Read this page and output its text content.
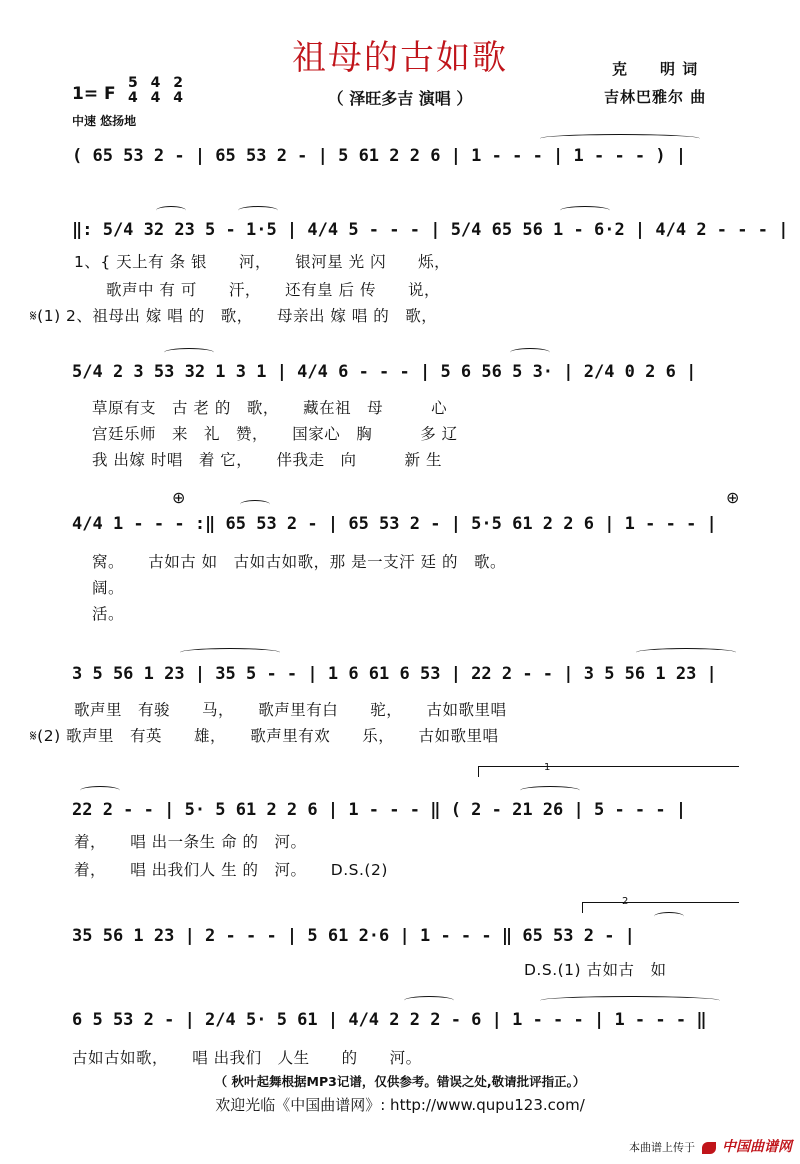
祖母的古如歌
（ 泽旺多吉 演唱 ）
克　　明 词
吉林巴雅尔 曲
1= F
5
4 4
4 2
4
中速 悠扬地
( 65 53 2 - | 65 53 2 - | 5 61 2 2 6 | 1 - - - | 1 - - - ) |
‖: 5/4 32 23 5 - 1·5 | 4/4 5 - - - | 5/4 65 56 1 - 6·2 | 4/4 2 - - - |
1、{ 天上有 条 银　　河，　　银河星 光 闪　　烁，
　　歌声中 有 可　　汗，　　还有皇 后 传　　说，
𝄋(1) 2、祖母出 嫁 唱 的　歌，　　母亲出 嫁 唱 的　歌，
5/4 2 3 53 32 1 3 1 | 4/4 6 - - - | 5 6 56 5 3· | 2/4 0 2 6 |
草原有支　古 老 的　歌，　　藏在祖　母　　　心
宫廷乐师　来　礼　赞，　　国家心　胸　　　多 辽
我 出嫁 时唱　着 它，　　伴我走　向　　　新 生
⊕	⊕
4/4 1 - - - :‖ 65 53 2 - | 65 53 2 - | 5·5 61 2 2 6 | 1 - - - |
窝。　　古如古 如　古如古如歌，那 是一支汗 廷 的　歌。
阔。
活。
3 5 56 1 23 | 35 5 - - | 1 6 61 6 53 | 22 2 - - | 3 5 56 1 23 |
歌声里　有骏　　马，　　歌声里有白　　驼，　　古如歌里唱
𝄋(2) 歌声里　有英　　雄，　　歌声里有欢　　乐，　　古如歌里唱
1
22 2 - - | 5· 5 61 2 2 6 | 1 - - - ‖ ( 2 - 21 26 | 5 - - - |
着，　　唱 出一条生 命 的　河。
着，　　唱 出我们人 生 的　河。　　D.S.(2)
2
35 56 1 23 | 2 - - - | 5 61 2·6 | 1 - - - ‖ 65 53 2 - |
D.S.(1) 古如古　如
6 5 53 2 - | 2/4 5· 5 61 | 4/4 2 2 2 - 6 | 1 - - - | 1 - - - ‖
古如古如歌，　　唱 出我们　人生　　的　　河。
（ 秋叶起舞根据MP3记谱，仅供参考。错误之处,敬请批评指正。）
欢迎光临《中国曲谱网》: http://www.qupu123.com/
本曲谱上传于 中国曲谱网
